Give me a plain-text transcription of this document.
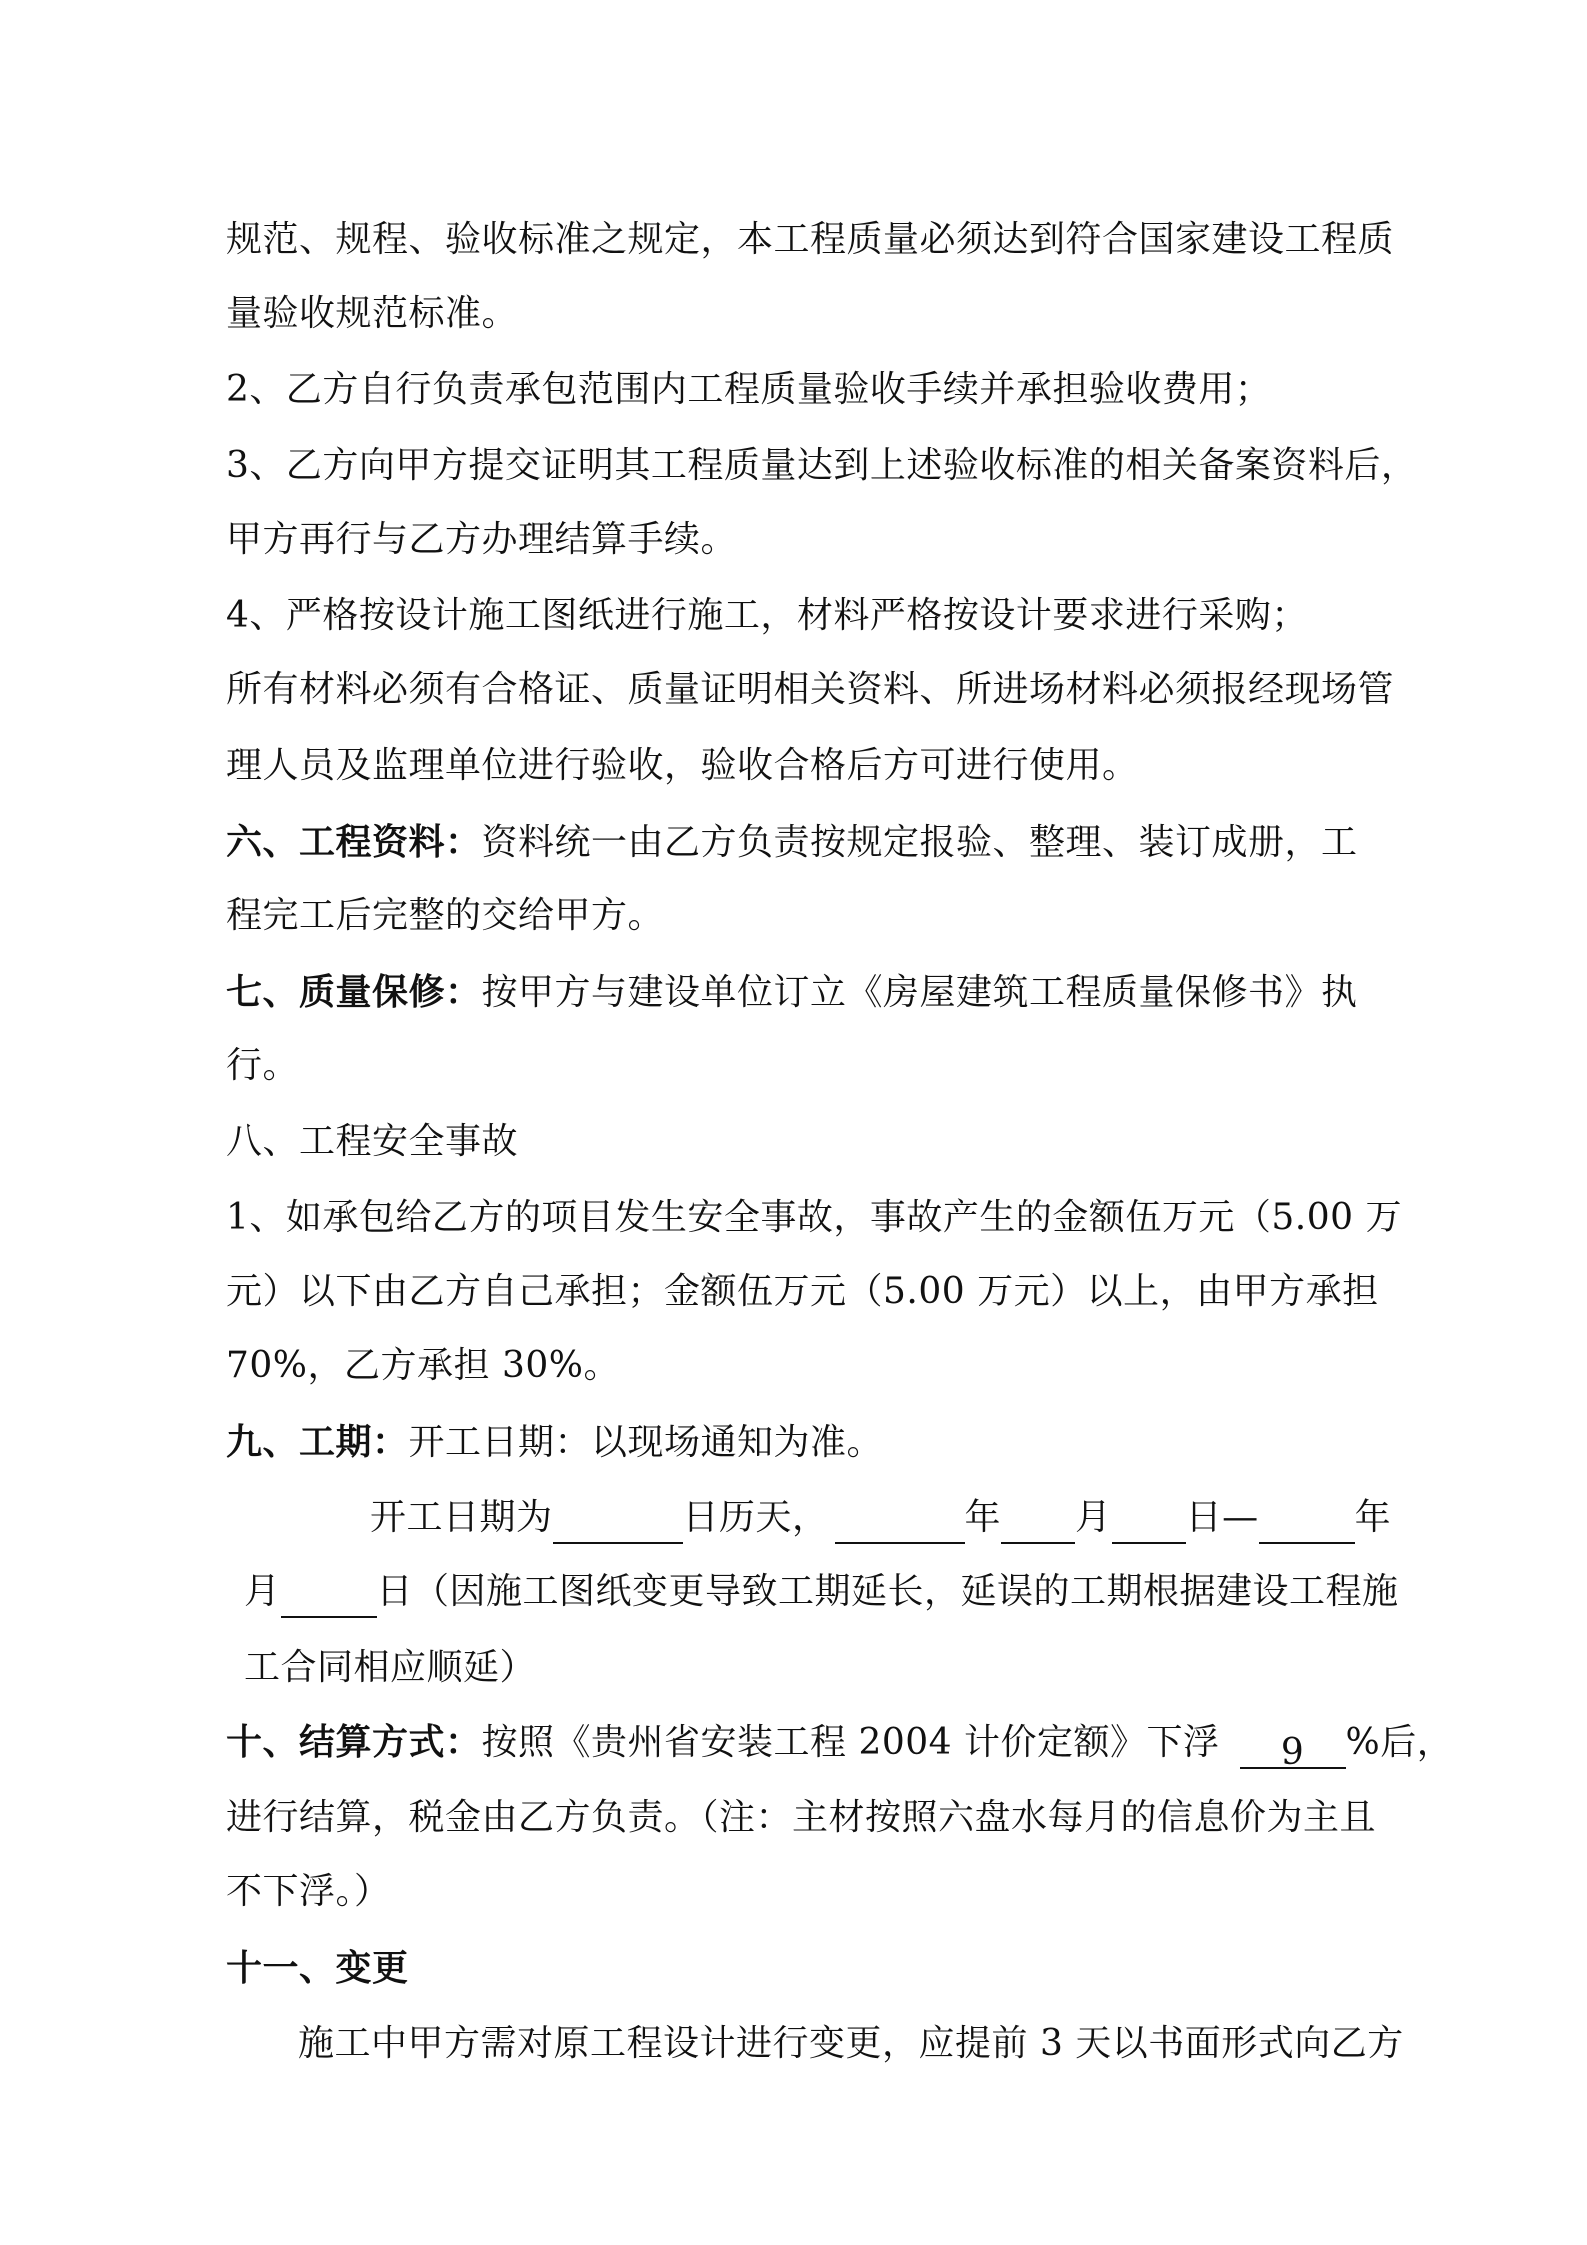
规范、规程、验收标准之规定，本工程质量必须达到符合国家建设工程质
量验收规范标准。
2、乙方自行负责承包范围内工程质量验收手续并承担验收费用；
3、乙方向甲方提交证明其工程质量达到上述验收标准的相关备案资料后，
甲方再行与乙方办理结算手续。
4、严格按设计施工图纸进行施工，材料严格按设计要求进行采购；
所有材料必须有合格证、质量证明相关资料、所进场材料必须报经现场管
理人员及监理单位进行验收，验收合格后方可进行使用。
六、工程资料：资料统一由乙方负责按规定报验、整理、装订成册，工
程完工后完整的交给甲方。
七、质量保修：按甲方与建设单位订立《房屋建筑工程质量保修书》执
行。
八、工程安全事故
1、如承包给乙方的项目发生安全事故，事故产生的金额伍万元（5.00 万
元）以下由乙方自己承担；金额伍万元（5.00 万元）以上，由甲方承担
70%，乙方承担 30%。
九、工期：开工日期：以现场通知为准。
开工日期为	日历天，	年 月 日—	年
月	日（因施工图纸变更导致工期延长，延误的工期根据建设工程施
工合同相应顺延）
十、结算方式：按照《贵州省安装工程 2004 计价定额》下浮 9 %后，
进行结算，税金由乙方负责。（注：主材按照六盘水每月的信息价为主且
不下浮。）
十一、变更
施工中甲方需对原工程设计进行变更，应提前 3 天以书面形式向乙方
